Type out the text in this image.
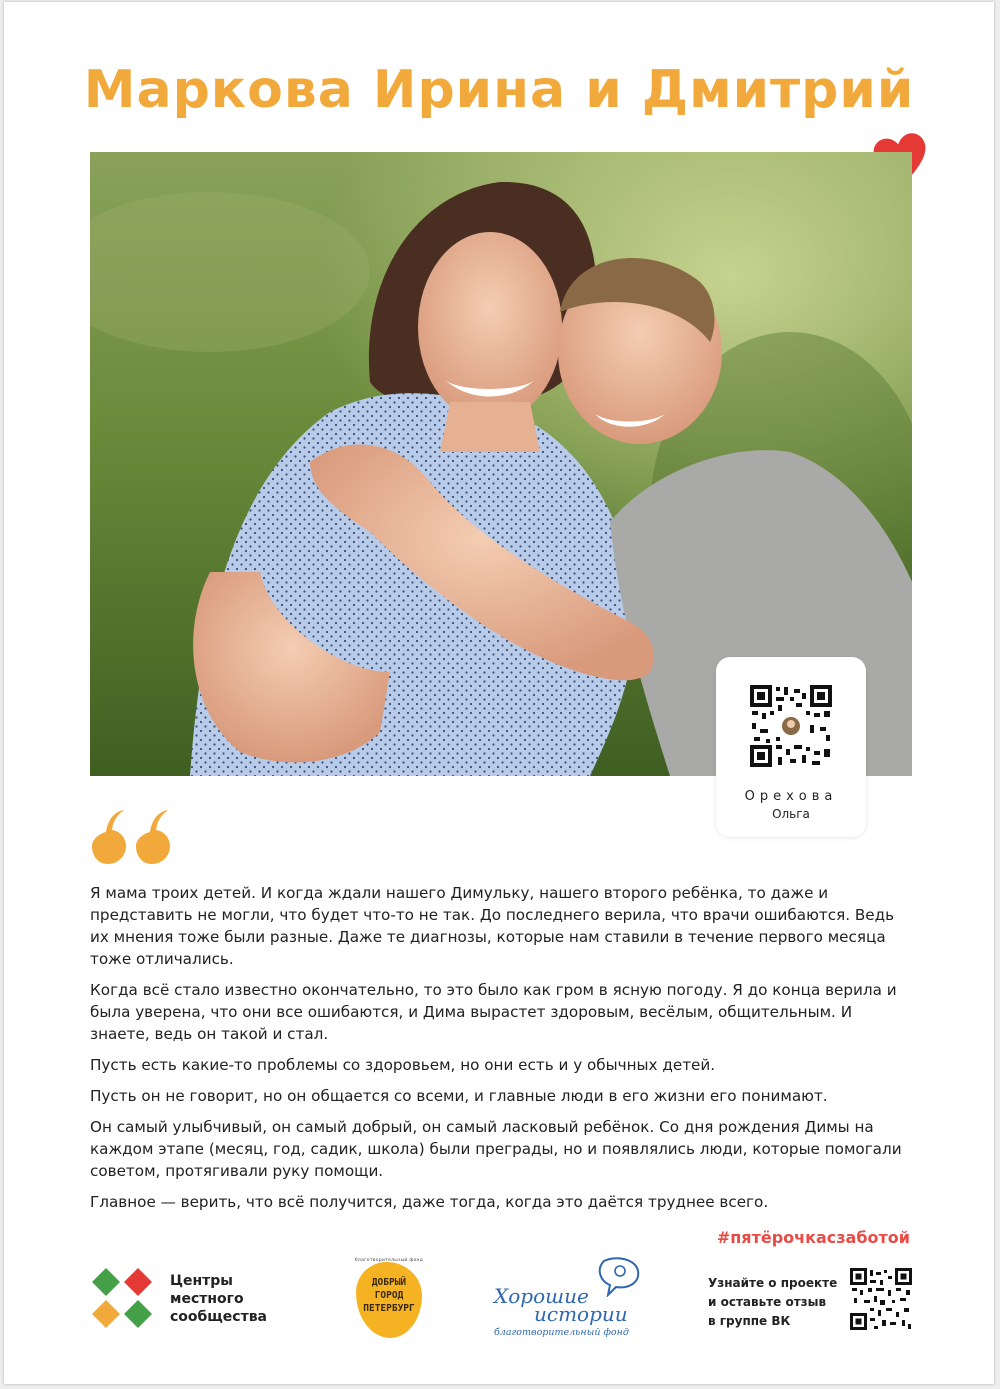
Маркова Ирина и Дмитрий
Орехова
Ольга

Я мама троих детей. И когда ждали нашего Димульку, нашего второго ребёнка, то даже и представить не могли, что будет что-то не так. До последнего верила, что врачи ошибаются. Ведь их мнения тоже были разные. Даже те диагнозы, которые нам ставили в течение первого месяца тоже отличались.

Когда всё стало известно окончательно, то это было как гром в ясную погоду. Я до конца верила и была уверена, что они все ошибаются, и Дима вырастет здоровым, весёлым, общительным. И знаете, ведь он такой и стал.

Пусть есть какие-то проблемы со здоровьем, но они есть и у обычных детей.

Пусть он не говорит, но он общается со всеми, и главные люди в его жизни его понимают.

Он самый улыбчивый, он самый добрый, он самый ласковый ребёнок. Со дня рождения Димы на каждом этапе (месяц, год, садик, школа) были преграды, но и появлялись люди, которые помогали советом, протягивали руку помощи.

Главное — верить, что всё получится, даже тогда, когда это даётся труднее всего.

#пятёрочкасзаботой
Центры
местного
сообщества
благотворительный фонд
ДОБРЫЙ
ГОРОД
ПЕТЕРБУРГ
Хорошие
истории
благотворительный фонд
Узнайте о проекте
и оставьте отзыв
в группе ВК
